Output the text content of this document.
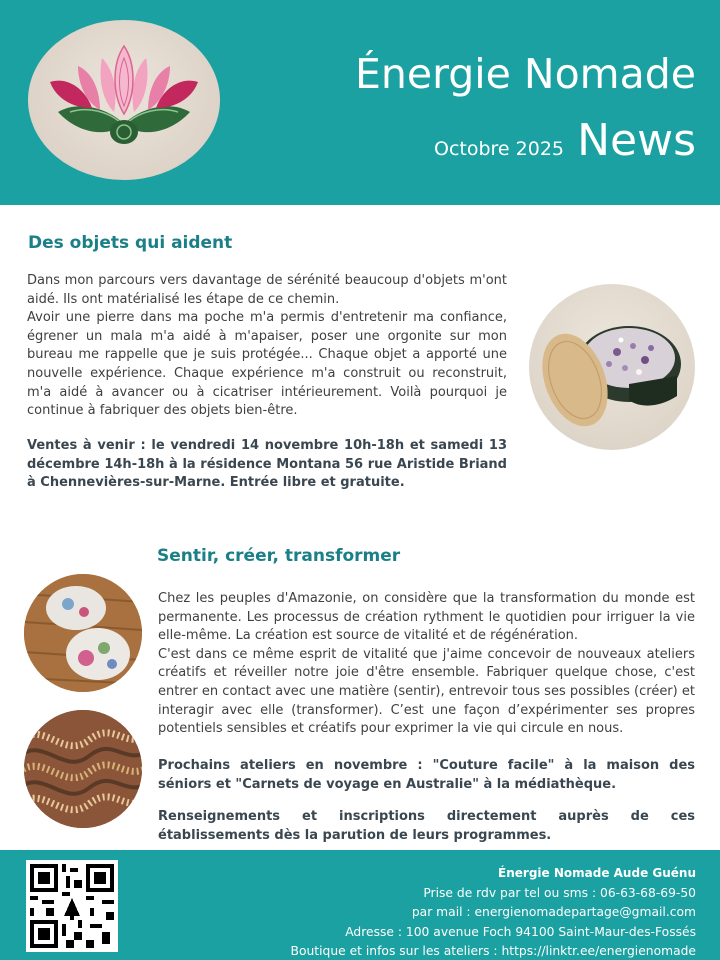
Énergie Nomade
Octobre 2025 News
Des objets qui aident

Dans mon parcours vers davantage de sérénité beaucoup d'objets m'ont aidé. Ils ont matérialisé les étape de ce chemin.

Avoir une pierre dans ma poche m'a permis d'entretenir ma confiance, égrener un mala m'a aidé à m'apaiser, poser une orgonite sur mon bureau me rappelle que je suis protégée... Chaque objet a apporté une nouvelle expérience. Chaque expérience m'a construit ou reconstruit, m'a aidé à avancer ou à cicatriser intérieurement. Voilà pourquoi je continue à fabriquer des objets bien-être.

Ventes à venir : le vendredi 14 novembre 10h-18h et samedi 13 décembre 14h-18h à la résidence Montana 56 rue Aristide Briand à Chennevières-sur-Marne. Entrée libre et gratuite.
Sentir, créer, transformer

Chez les peuples d'Amazonie, on considère que la transformation du monde est permanente. Les processus de création rythment le quotidien pour irriguer la vie elle-même. La création est source de vitalité et de régénération.

C'est dans ce même esprit de vitalité que j'aime concevoir de nouveaux ateliers créatifs et réveiller notre joie d'être ensemble. Fabriquer quelque chose, c'est entrer en contact avec une matière (sentir), entrevoir tous ses possibles (créer) et interagir avec elle (transformer). C’est une façon d’expérimenter ses propres potentiels sensibles et créatifs pour exprimer la vie qui circule en nous.

Prochains ateliers en novembre : "Couture facile" à la maison des séniors et "Carnets de voyage en Australie" à la médiathèque.
Renseignements et inscriptions directement auprès de ces établissements dès la parution de leurs programmes.
Énergie Nomade Aude Guénu
Prise de rdv par tel ou sms : 06-63-68-69-50
par mail : energienomadepartage@gmail.com
Adresse : 100 avenue Foch 94100 Saint-Maur-des-Fossés
Boutique et infos sur les ateliers : https://linktr.ee/energienomade
